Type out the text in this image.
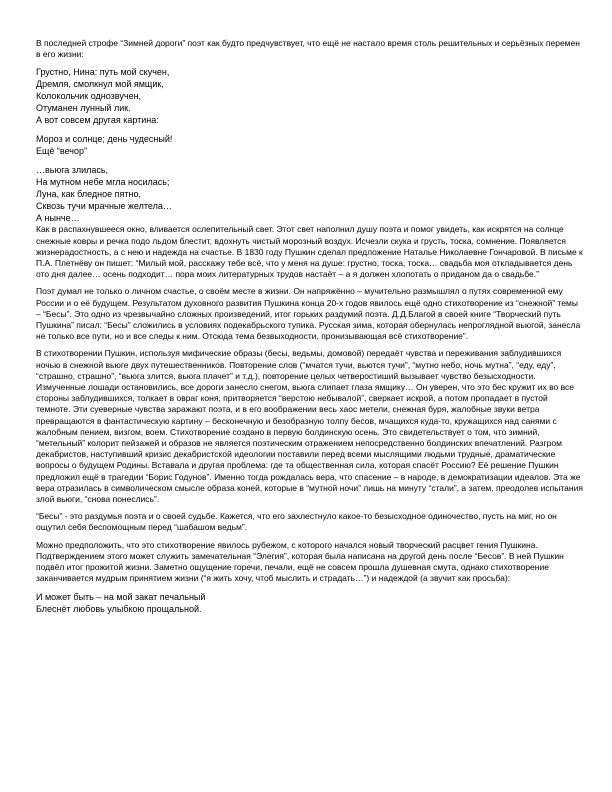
В последней строфе “Зимней дороги” поэт как будто предчувствует, что ещё не настало время столь решительных и серьёзных перемен в его жизни:

Грустно, Нина: путь мой скучен,
Дремля, смолкнул мой ямщик,
Колокольчик однозвучен,
Отуманен лунный лик.
А вот совсем другая картина:
Мороз и солнце; день чудесный!
Ещё “вечор”
…вьюга злилась,
На мутном небе мгла носилась;
Луна, как бледное пятно,
Сквозь тучи мрачные желтела…
А нынче…

Как в распахнувшееся окно, вливается ослепительный свет. Этот свет наполнил душу поэта и помог увидеть, как искрятся на солнце снежные ковры и речка подо льдом блестит, вдохнуть чистый морозный воздух. Исчезли скука и грусть, тоска, сомнение. Появляется жизнерадостность, а с нею и надежда на счастье. В 1830 году Пушкин сделал предложение Наталье Николаевне Гончаровой. В письме к П.А. Плетнёву он пишет: “Милый мой, расскажу тебе всё, что у меня на душе: грустно, тоска, тоска… свадьба моя откладывается день ото дня далее… осень подходит… пора моих литературных трудов настаёт – а я должен хлопотать о приданом да о свадьбе.”

Поэт думал не только о личном счастье, о своём месте в жизни. Он напряжённо – мучительно размышлял о путях современной ему России и о её будущем. Результатом духовного развития Пушкина конца 20-х годов явилось ещё одно стихотворение из “снежной” темы – “Бесы”. Это одно из чрезвычайно сложных произведений, итог горьких раздумий поэта. Д.Д.Благой в своей книге “Творческий путь Пушкина” писал: “Бесы” сложились в условиях подекабрьского тупика. Русская зима, которая обернулась непроглядной вьюгой, занесла не только все пути, но и все следы к ним. Отсюда тема безвыходности, пронизывающая всё стихотворение”.

В стихотворении Пушкин, используя мифические образы (бесы, ведьмы, домовой) передаёт чувства и переживания заблудившихся ночью в снежной вьюге двух путешественников. Повторение слов (“мчатся тучи, вьются тучи”, “мутно небо, ночь мутна”, “еду, еду”, “страшно, страшно”, “вьюга злится, вьюга плачет” и т.д.), повторение целых четверостиший вызывает чувство безысходности. Измученные лошади остановились, все дороги занесло снегом, вьюга слипает глаза ямщику… Он уверен, что это бес кружит их во все стороны заблудившихся, толкает в овраг коня, притворяется “верстою небывалой”, сверкает искрой, а потом пропадает в пустой темноте. Эти суеверные чувства заражают поэта, и в его воображении весь хаос метели, снежная буря, жалобные звуки ветра превращаются в фантастическую картину – бесконечную и безобразную толпу бесов, мчащихся куда-то, кружащихся над санями с жалобным пением, визгом, воем. Стихотворение создано в первую болдинскую осень. Это свидетельствует о том, что зимний, “метельный” колорит пейзажей и образов не является поэтическим отражением непосредственно болдинских впечатлений. Разгром декабристов, наступивший кризис декабристской идеологии поставили перед всеми мыслящими людьми трудные, драматические вопросы о будущем Родины. Вставала и другая проблема: где та общественная сила, которая спасёт Россию? Её решение Пушкин предложил ещё в трагедии “Борис Годунов”. Именно тогда рождалась вера, что спасение – в народе, в демократизации идеалов. Эта же вера отразилась в символическом смысле образа коней, которые в “мутной ночи” лишь на минуту “стали”, а затем, преодолев испытания злой вьюги, “снова понеслись”.

“Бесы” - это раздумья поэта и о своей судьбе. Кажется, что его захлестнуло какое-то безысходное одиночество, пусть на миг, но он ощутил себя беспомощным перед “шабашом ведьм”.

Можно предположить, что это стихотворение явилось рубежом, с которого начался новый творческий расцвет гения Пушкина. Подтверждением этого может служить замечательная “Элегия”, которая была написана на другой день после “Бесов”. В ней Пушкин подвёл итог прожитой жизни. Заметно ощущение горечи, печали, ещё не совсем прошла душевная смута, однако стихотворение заканчивается мудрым принятием жизни (“я жить хочу, чтоб мыслить и страдать…”) и надеждой (а звучит как просьба):

И может быть – на мой закат печальный
Блеснёт любовь улыбкою прощальной.
